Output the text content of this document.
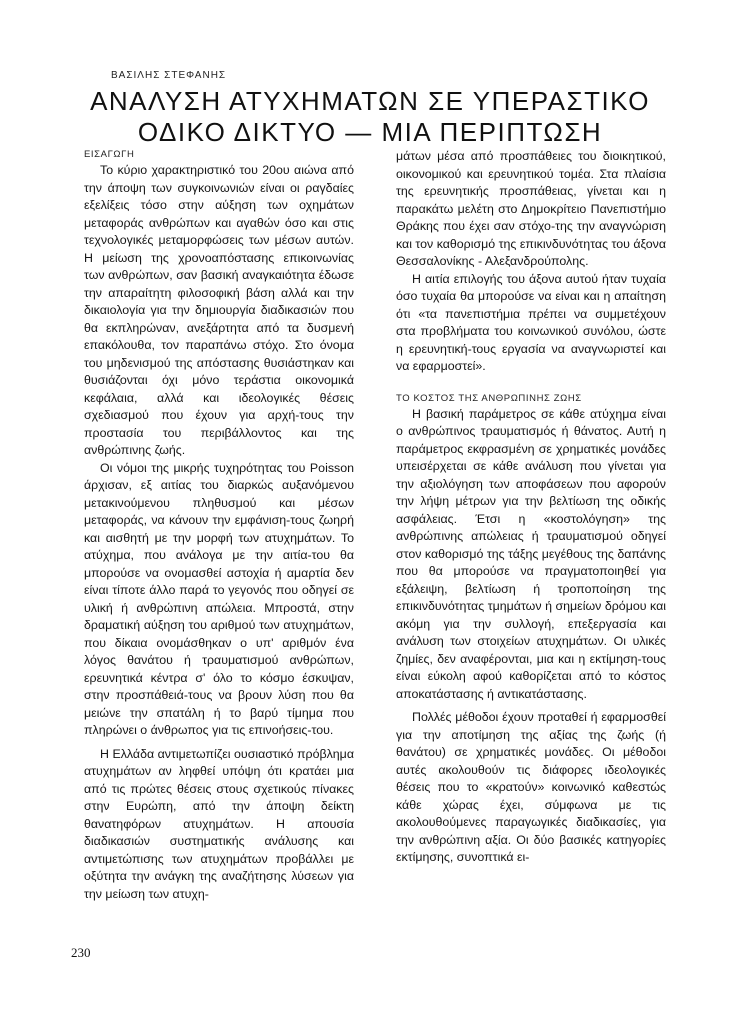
ΒΑΣΙΛΗΣ ΣΤΕΦΑΝΗΣ
ΑΝΑΛΥΣΗ ΑΤΥΧΗΜΑΤΩΝ ΣΕ ΥΠΕΡΑΣΤΙΚΟ
ΟΔΙΚΟ ΔΙΚΤΥΟ — ΜΙΑ ΠΕΡΙΠΤΩΣΗ
ΕΙΣΑΓΩΓΗ

Το κύριο χαρακτηριστικό του 20ου αιώνα από την άποψη των συγκοινωνιών είναι οι ραγδαίες εξελίξεις τόσο στην αύξηση των οχημάτων μεταφοράς ανθρώπων και αγαθών όσο και στις τεχνολογικές μεταμορφώσεις των μέσων αυτών. Η μείωση της χρονοαπόστασης επικοινωνίας των ανθρώπων, σαν βασική αναγκαιότητα έδωσε την απαραίτητη φιλοσοφική βάση αλλά και την δικαιολογία για την δημιουργία διαδικασιών που θα εκπληρώναν, ανεξάρτητα από τα δυσμενή επακόλουθα, τον παραπάνω στόχο. Στο όνομα του μηδενισμού της απόστασης θυσιάστηκαν και θυσιάζονται όχι μόνο τεράστια οικονομικά κεφάλαια, αλλά και ιδεολογικές θέσεις σχεδιασμού που έχουν για αρχή-τους την προστασία του περιβάλλοντος και της ανθρώπινης ζωής.

Οι νόμοι της μικρής τυχηρότητας του Poisson άρχισαν, εξ αιτίας του διαρκώς αυξανόμενου μετακινούμενου πληθυσμού και μέσων μεταφοράς, να κάνουν την εμφάνιση-τους ζωηρή και αισθητή με την μορφή των ατυχημάτων. Το ατύχημα, που ανάλογα με την αιτία-του θα μπορούσε να ονομασθεί αστοχία ή αμαρτία δεν είναι τίποτε άλλο παρά το γεγονός που οδηγεί σε υλική ή ανθρώπινη απώλεια. Μπροστά, στην δραματική αύξηση του αριθμού των ατυχημάτων, που δίκαια ονομάσθηκαν ο υπ' αριθμόν ένα λόγος θανάτου ή τραυματισμού ανθρώπων, ερευνητικά κέντρα σ' όλο το κόσμο έσκυψαν, στην προσπάθειά-τους να βρουν λύση που θα μειώνε την σπατάλη ή το βαρύ τίμημα που πληρώνει ο άνθρωπος για τις επινοήσεις-του.

Η Ελλάδα αντιμετωπίζει ουσιαστικό πρόβλημα ατυχημάτων αν ληφθεί υπόψη ότι κρατάει μια από τις πρώτες θέσεις στους σχετικούς πίνακες στην Ευρώπη, από την άποψη δείκτη θανατηφόρων ατυχημάτων. Η απουσία διαδικασιών συστηματικής ανάλυσης και αντιμετώπισης των ατυχημάτων προβάλλει με οξύτητα την ανάγκη της αναζήτησης λύσεων για την μείωση των ατυχη-

μάτων μέσα από προσπάθειες του διοικητικού, οικονομικού και ερευνητικού τομέα. Στα πλαίσια της ερευνητικής προσπάθειας, γίνεται και η παρακάτω μελέτη στο Δημοκρίτειο Πανεπιστήμιο Θράκης που έχει σαν στόχο-της την αναγνώριση και τον καθορισμό της επικινδυνότητας του άξονα Θεσσαλονίκης - Αλεξανδρούπολης.

Η αιτία επιλογής του άξονα αυτού ήταν τυχαία όσο τυχαία θα μπορούσε να είναι και η απαίτηση ότι «τα πανεπιστήμια πρέπει να συμμετέχουν στα προβλήματα του κοινωνικού συνόλου, ώστε η ερευνητική-τους εργασία να αναγνωριστεί και να εφαρμοστεί».

ΤΟ ΚΟΣΤΟΣ ΤΗΣ ΑΝΘΡΩΠΙΝΗΣ ΖΩΗΣ

Η βασική παράμετρος σε κάθε ατύχημα είναι ο ανθρώπινος τραυματισμός ή θάνατος. Αυτή η παράμετρος εκφρασμένη σε χρηματικές μονάδες υπεισέρχεται σε κάθε ανάλυση που γίνεται για την αξιολόγηση των αποφάσεων που αφορούν την λήψη μέτρων για την βελτίωση της οδικής ασφάλειας. Έτσι η «κοστολόγηση» της ανθρώπινης απώλειας ή τραυματισμού οδηγεί στον καθορισμό της τάξης μεγέθους της δαπάνης που θα μπορούσε να πραγματοποιηθεί για εξάλειψη, βελτίωση ή τροποποίηση της επικινδυνότητας τμημάτων ή σημείων δρόμου και ακόμη για την συλλογή, επεξεργασία και ανάλυση των στοιχείων ατυχημάτων. Οι υλικές ζημίες, δεν αναφέρονται, μια και η εκτίμηση-τους είναι εύκολη αφού καθορίζεται από το κόστος αποκατάστασης ή αντικατάστασης.

Πολλές μέθοδοι έχουν προταθεί ή εφαρμοσθεί για την αποτίμηση της αξίας της ζωής (ή θανάτου) σε χρηματικές μονάδες. Οι μέθοδοι αυτές ακολουθούν τις διάφορες ιδεολογικές θέσεις που το «κρατούν» κοινωνικό καθεστώς κάθε χώρας έχει, σύμφωνα με τις ακολουθούμενες παραγωγικές διαδικασίες, για την ανθρώπινη αξία. Οι δύο βασικές κατηγορίες εκτίμησης, συνοπτικά ει-

230
